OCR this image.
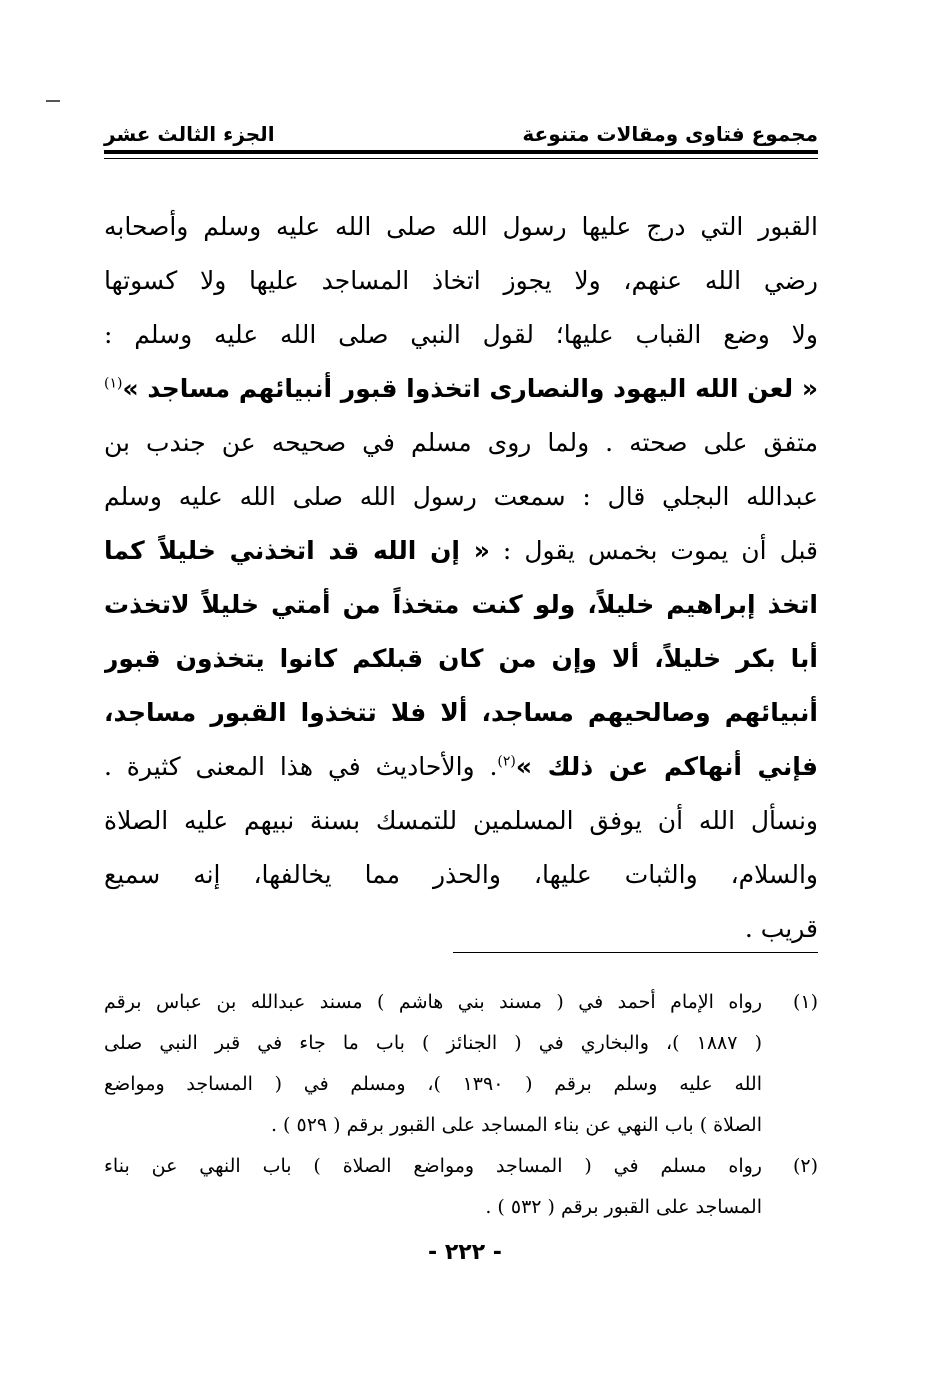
مجموع فتاوى ومقالات متنوعة
الجزء الثالث عشر
القبور التي درج عليها رسول الله صلى الله عليه وسلم وأصحابه
رضي الله عنهم، ولا يجوز اتخاذ المساجد عليها ولا كسوتها
ولا وضع القباب عليها؛ لقول النبي صلى الله عليه وسلم :
« لعن الله اليهود والنصارى اتخذوا قبور أنبيائهم مساجد »$^{(١)}$
متفق على صحته . ولما روى مسلم في صحيحه عن جندب بن
عبدالله البجلي قال : سمعت رسول الله صلى الله عليه وسلم
قبل أن يموت بخمس يقول : « إن الله قد اتخذني خليلاً كما
اتخذ إبراهيم خليلاً، ولو كنت متخذاً من أمتي خليلاً لاتخذت
أبا بكر خليلاً، ألا وإن من كان قبلكم كانوا يتخذون قبور
أنبيائهم وصالحيهم مساجد، ألا فلا تتخذوا القبور مساجد،
فإني أنهاكم عن ذلك »$^{(٢)}$. والأحاديث في هذا المعنى كثيرة .
ونسأل الله أن يوفق المسلمين للتمسك بسنة نبيهم عليه الصلاة
والسلام، والثبات عليها، والحذر مما يخالفها، إنه سميع
قريب .
(١)
رواه الإمام أحمد في ( مسند بني هاشم ) مسند عبدالله بن عباس برقم
( ١٨٨٧ )، والبخاري في ( الجنائز ) باب ما جاء في قبر النبي صلى
الله عليه وسلم برقم ( ١٣٩٠ )، ومسلم في ( المساجد ومواضع
الصلاة ) باب النهي عن بناء المساجد على القبور برقم ( ٥٢٩ ) .
(٢)
رواه مسلم في ( المساجد ومواضع الصلاة ) باب النهي عن بناء
المساجد على القبور برقم ( ٥٣٢ ) .
- ٢٢٢ -
